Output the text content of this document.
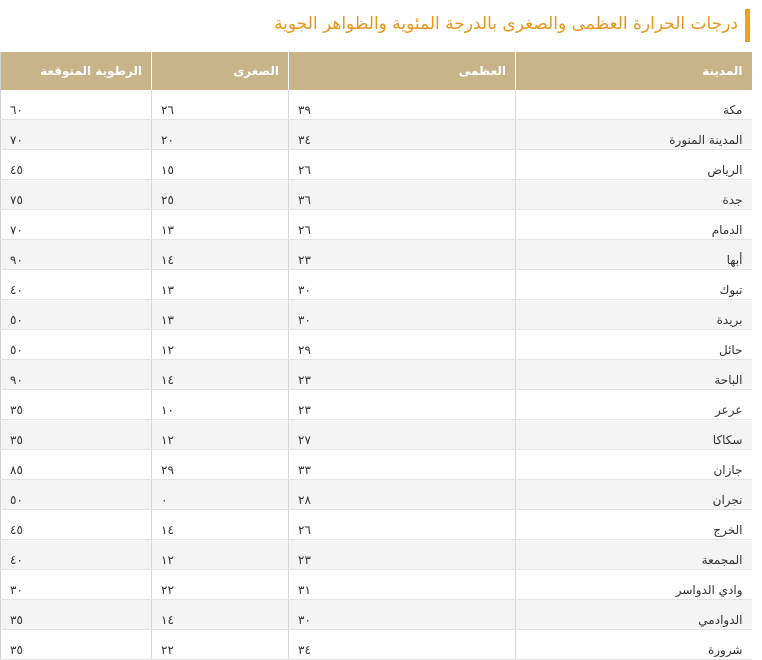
درجات الحرارة العظمى والصغرى بالدرجة المئوية والظواهر الجوية
المدينة	العظمى	الصغرى	الرطوبة المتوقعة
مكة	٣٩	٢٦	٦٠
المدينة المنورة	٣٤	٢٠	٧٠
الرياض	٢٦	١٥	٤٥
جدة	٣٦	٢٥	٧٥
الدمام	٢٦	١٣	٧٠
أبها	٢٣	١٤	٩٠
تبوك	٣٠	١٣	٤٠
بريدة	٣٠	١٣	٥٠
حائل	٢٩	١٢	٥٠
الباحة	٢٣	١٤	٩٠
عرعر	٢٣	١٠	٣٥
سكاكا	٢٧	١٢	٣٥
جازان	٣٣	٢٩	٨٥
نجران	٢٨	٠	٥٠
الخرج	٢٦	١٤	٤٥
المجمعة	٢٣	١٢	٤٠
وادي الدواسر	٣١	٢٢	٣٠
الدوادمي	٣٠	١٤	٣٥
شرورة	٣٤	٢٢	٣٥
